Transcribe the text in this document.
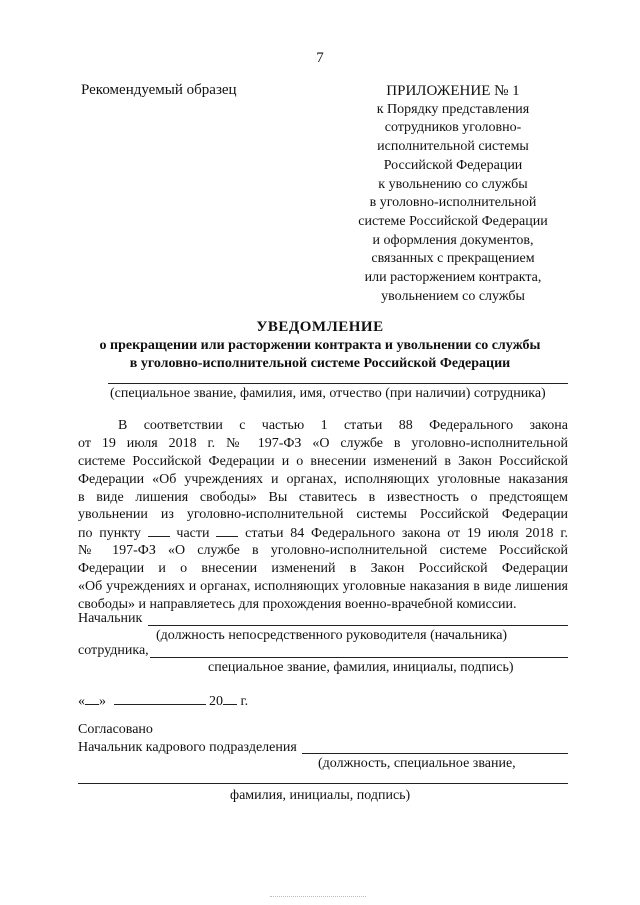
7
Рекомендуемый образец	ПРИЛОЖЕНИЕ № 1
к Порядку представления
сотрудников уголовно-
исполнительной системы
Российской Федерации
к увольнению со службы
в уголовно-исполнительной
системе Российской Федерации
и оформления документов,
связанных с прекращением
или расторжением контракта,
увольнением со службы
УВЕДОМЛЕНИЕ
о прекращении или расторжении контракта и увольнении со службы
в уголовно-исполнительной системе Российской Федерации
(специальное звание, фамилия, имя, отчество (при наличии) сотрудника)
В соответствии с частью 1 статьи 88 Федерального закона
от 19 июля 2018 г. № 197-ФЗ «О службе в уголовно-исполнительной
системе Российской Федерации и о внесении изменений в Закон Российской
Федерации «Об учреждениях и органах, исполняющих уголовные наказания
в виде лишения свободы» Вы ставитесь в известность о предстоящем
увольнении из уголовно-исполнительной системы Российской Федерации
по пункту	части	статьи 84 Федерального закона от 19 июля 2018 г.
№ 197-ФЗ «О службе в уголовно-исполнительной системе Российской
Федерации и о внесении изменений в Закон Российской Федерации
«Об учреждениях и органах, исполняющих уголовные наказания в виде лишения
свободы» и направляетесь для прохождения военно-врачебной комиссии.
Начальник
(должность непосредственного руководителя (начальника)
сотрудника,
специальное звание, фамилия, инициалы, подпись)
« »	20 г.
Согласовано
Начальник кадрового подразделения
(должность, специальное звание,
фамилия, инициалы, подпись)
